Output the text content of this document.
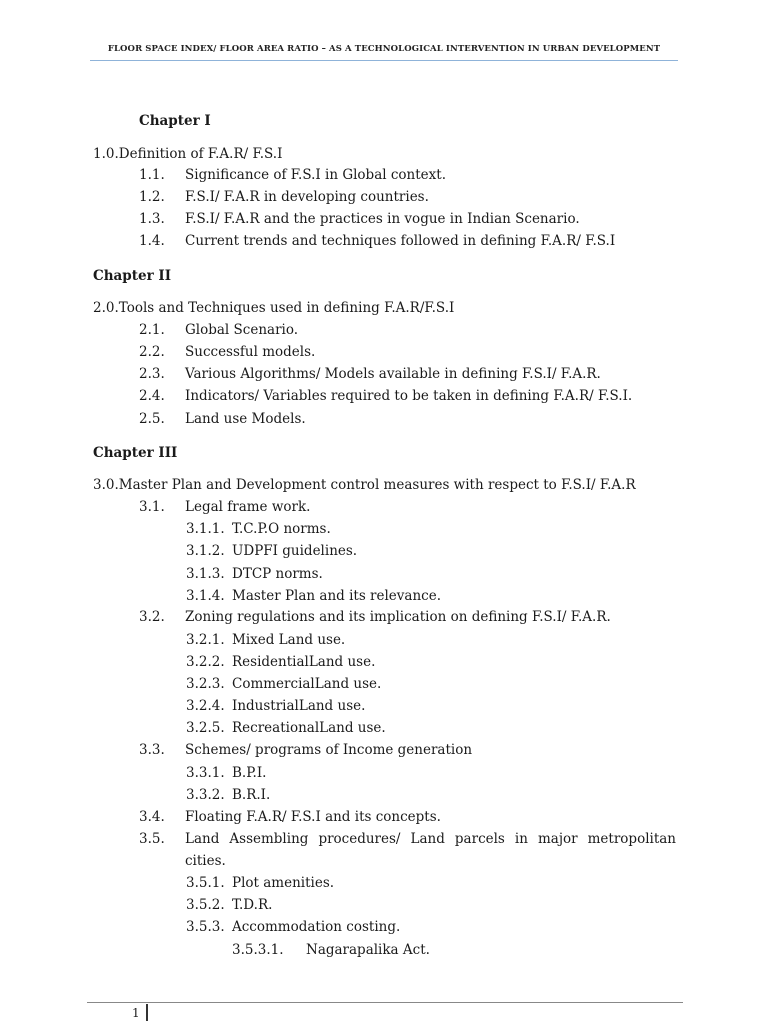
FLOOR SPACE INDEX/ FLOOR AREA RATIO – AS A TECHNOLOGICAL INTERVENTION IN URBAN DEVELOPMENT
Chapter I
1.0.Definition of F.A.R/ F.S.I
1.1. Significance of F.S.I in Global context.
1.2. F.S.I/ F.A.R in developing countries.
1.3. F.S.I/ F.A.R and the practices in vogue in Indian Scenario.
1.4. Current trends and techniques followed in defining F.A.R/ F.S.I
Chapter II
2.0.Tools and Techniques used in defining F.A.R/F.S.I
2.1. Global Scenario.
2.2. Successful models.
2.3. Various Algorithms/ Models available in defining F.S.I/ F.A.R.
2.4. Indicators/ Variables required to be taken in defining F.A.R/ F.S.I.
2.5. Land use Models.
Chapter III
3.0.Master Plan and Development control measures with respect to F.S.I/ F.A.R
3.1. Legal frame work.
3.1.1. T.C.P.O norms.
3.1.2. UDPFI guidelines.
3.1.3. DTCP norms.
3.1.4. Master Plan and its relevance.
3.2. Zoning regulations and its implication on defining F.S.I/ F.A.R.
3.2.1. Mixed Land use.
3.2.2. ResidentialLand use.
3.2.3. CommercialLand use.
3.2.4. IndustrialLand use.
3.2.5. RecreationalLand use.
3.3. Schemes/ programs of Income generation
3.3.1. B.P.I.
3.3.2. B.R.I.
3.4. Floating F.A.R/ F.S.I and its concepts.
3.5. Land Assembling procedures/ Land parcels in major metropolitan
cities.
3.5.1. Plot amenities.
3.5.2. T.D.R.
3.5.3. Accommodation costing.
3.5.3.1. Nagarapalika Act.
1
